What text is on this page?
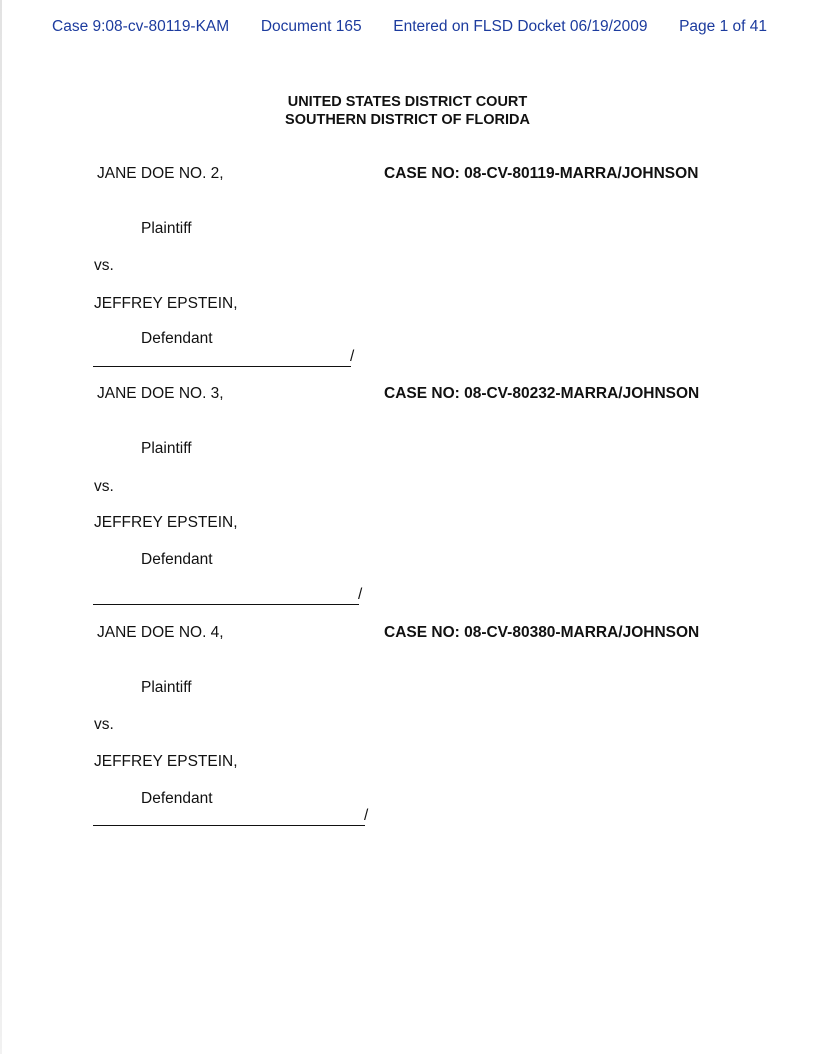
Case 9:08-cv-80119-KAM Document 165 Entered on FLSD Docket 06/19/2009 Page 1 of 41
UNITED STATES DISTRICT COURT
SOUTHERN DISTRICT OF FLORIDA
JANE DOE NO. 2,	CASE NO: 08-CV-80119-MARRA/JOHNSON
Plaintiff
vs.
JEFFREY EPSTEIN,
Defendant
/
JANE DOE NO. 3,	CASE NO: 08-CV-80232-MARRA/JOHNSON
Plaintiff
vs.
JEFFREY EPSTEIN,
Defendant
/
JANE DOE NO. 4,	CASE NO: 08-CV-80380-MARRA/JOHNSON
Plaintiff
vs.
JEFFREY EPSTEIN,
Defendant
/
